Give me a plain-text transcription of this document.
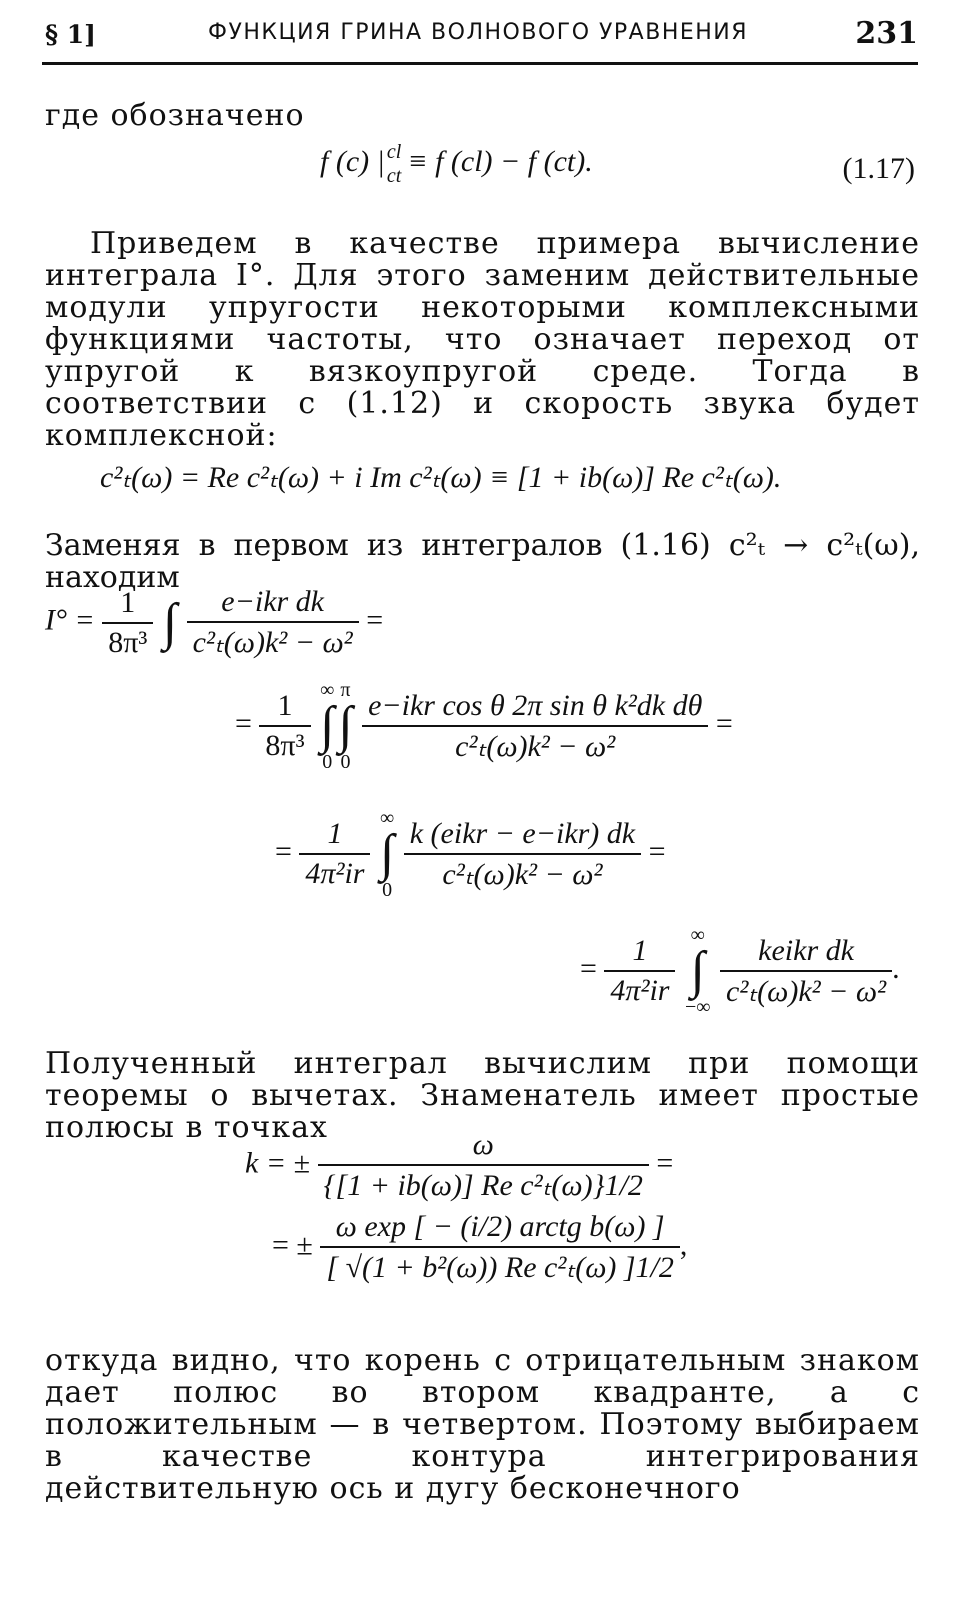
§ 1]	ФУНКЦИЯ ГРИНА ВОЛНОВОГО УРАВНЕНИЯ	231
где обозначено
f (c) | cl
ct ≡ f (cl) − f (ct).	(1.17)
Приведем в качестве примера вычисление интеграла I°. Для этого заменим действительные модули упругости некоторыми комплексными функциями частоты, что означает переход от упругой к вязкоупругой среде. Тогда в соответствии с (1.12) и скорость звука будет комплексной:
c²ₜ(ω) = Re c²ₜ(ω) + i Im c²ₜ(ω) ≡ [1 + ib(ω)] Re c²ₜ(ω).
Заменяя в первом из интегралов (1.16) c²ₜ → c²ₜ(ω), находим
$I^\circ = \frac{1}{\text{8π³}}$
∫
$\frac{\text{e−ikr dk}}{\text{c²ₜ(ω)k² − ω²}}$ =
= $\frac{1}{\text{8π³}}$
∞
∫
0
π
∫
0
$\frac{\text{e−ikr cos θ 2π sin θ k²dk dθ}}{\text{c²ₜ(ω)k² − ω²}}$ =
= $\frac{1}{\text{4π²ir}}$
∞
∫
0
$\frac{\text{k (eikr − e−ikr) dk}}{\text{c²ₜ(ω)k² − ω²}}$ =
= $\frac{1}{\text{4π²ir}}$
∞
∫
−∞
$\frac{\text{keikr dk}}{\text{c²ₜ(ω)k² − ω²}}$ .
Полученный интеграл вычислим при помощи теоремы о вычетах. Знаменатель имеет простые полюсы в точках
k = ± $\frac{\omega}{\text{\{[1 + ib(ω)] Re c²ₜ(ω)\}1/2}}$ =
= ± $\frac{\text{ω exp [ − (i/2) arctg b(ω) ]}}{\text{[ √(1 + b²(ω)) Re c²ₜ(ω) ]1/2}}$ ,
откуда видно, что корень с отрицательным знаком дает полюс во втором квадранте, а с положительным — в четвертом. Поэтому выбираем в качестве контура интегрирования действительную ось и дугу бесконечного
